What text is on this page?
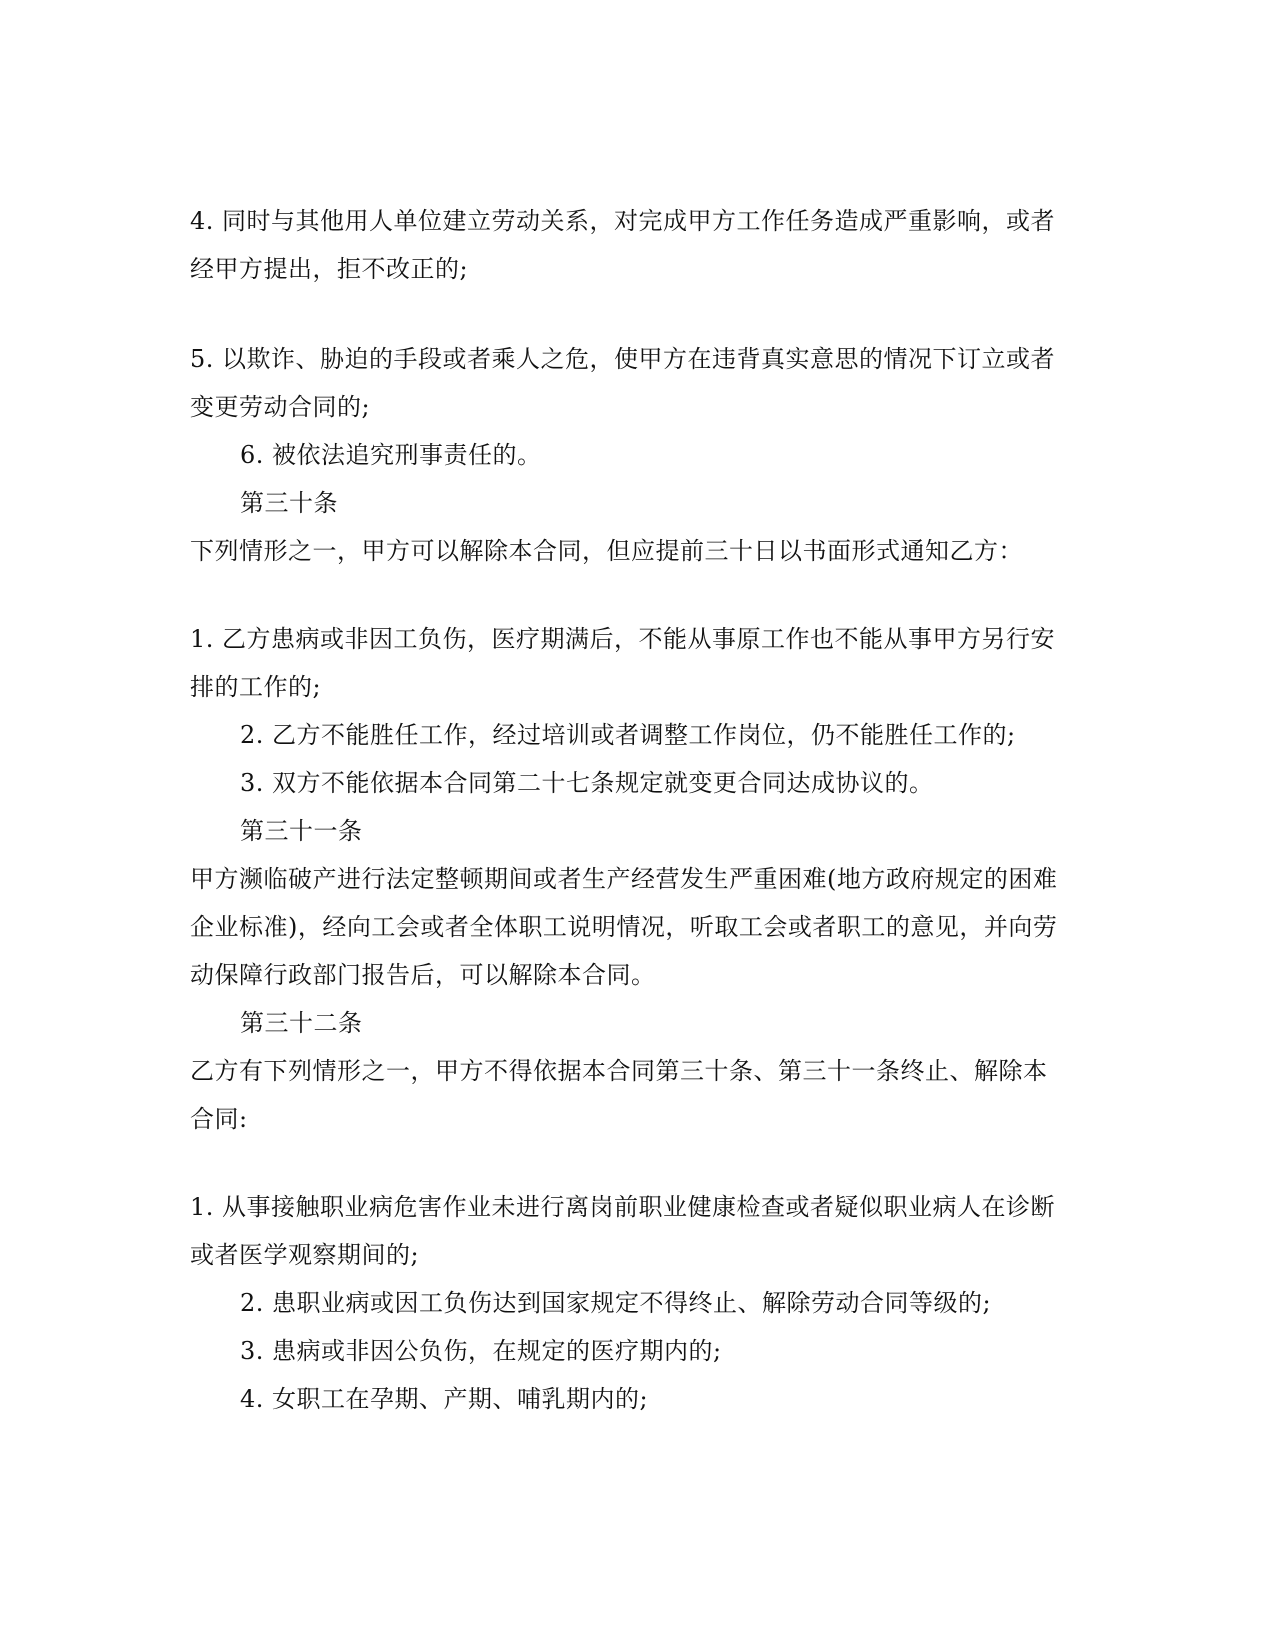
4. 同时与其他用人单位建立劳动关系，对完成甲方工作任务造成严重影响，或者
经甲方提出，拒不改正的;
5. 以欺诈、胁迫的手段或者乘人之危，使甲方在违背真实意思的情况下订立或者
变更劳动合同的;
6. 被依法追究刑事责任的。
第三十条
下列情形之一，甲方可以解除本合同，但应提前三十日以书面形式通知乙方：
1. 乙方患病或非因工负伤，医疗期满后，不能从事原工作也不能从事甲方另行安
排的工作的;
2. 乙方不能胜任工作，经过培训或者调整工作岗位，仍不能胜任工作的;
3. 双方不能依据本合同第二十七条规定就变更合同达成协议的。
第三十一条
甲方濒临破产进行法定整顿期间或者生产经营发生严重困难(地方政府规定的困难
企业标准)，经向工会或者全体职工说明情况，听取工会或者职工的意见，并向劳
动保障行政部门报告后，可以解除本合同。
第三十二条
乙方有下列情形之一，甲方不得依据本合同第三十条、第三十一条终止、解除本
合同:
1. 从事接触职业病危害作业未进行离岗前职业健康检查或者疑似职业病人在诊断
或者医学观察期间的;
2. 患职业病或因工负伤达到国家规定不得终止、解除劳动合同等级的;
3. 患病或非因公负伤，在规定的医疗期内的;
4. 女职工在孕期、产期、哺乳期内的;
